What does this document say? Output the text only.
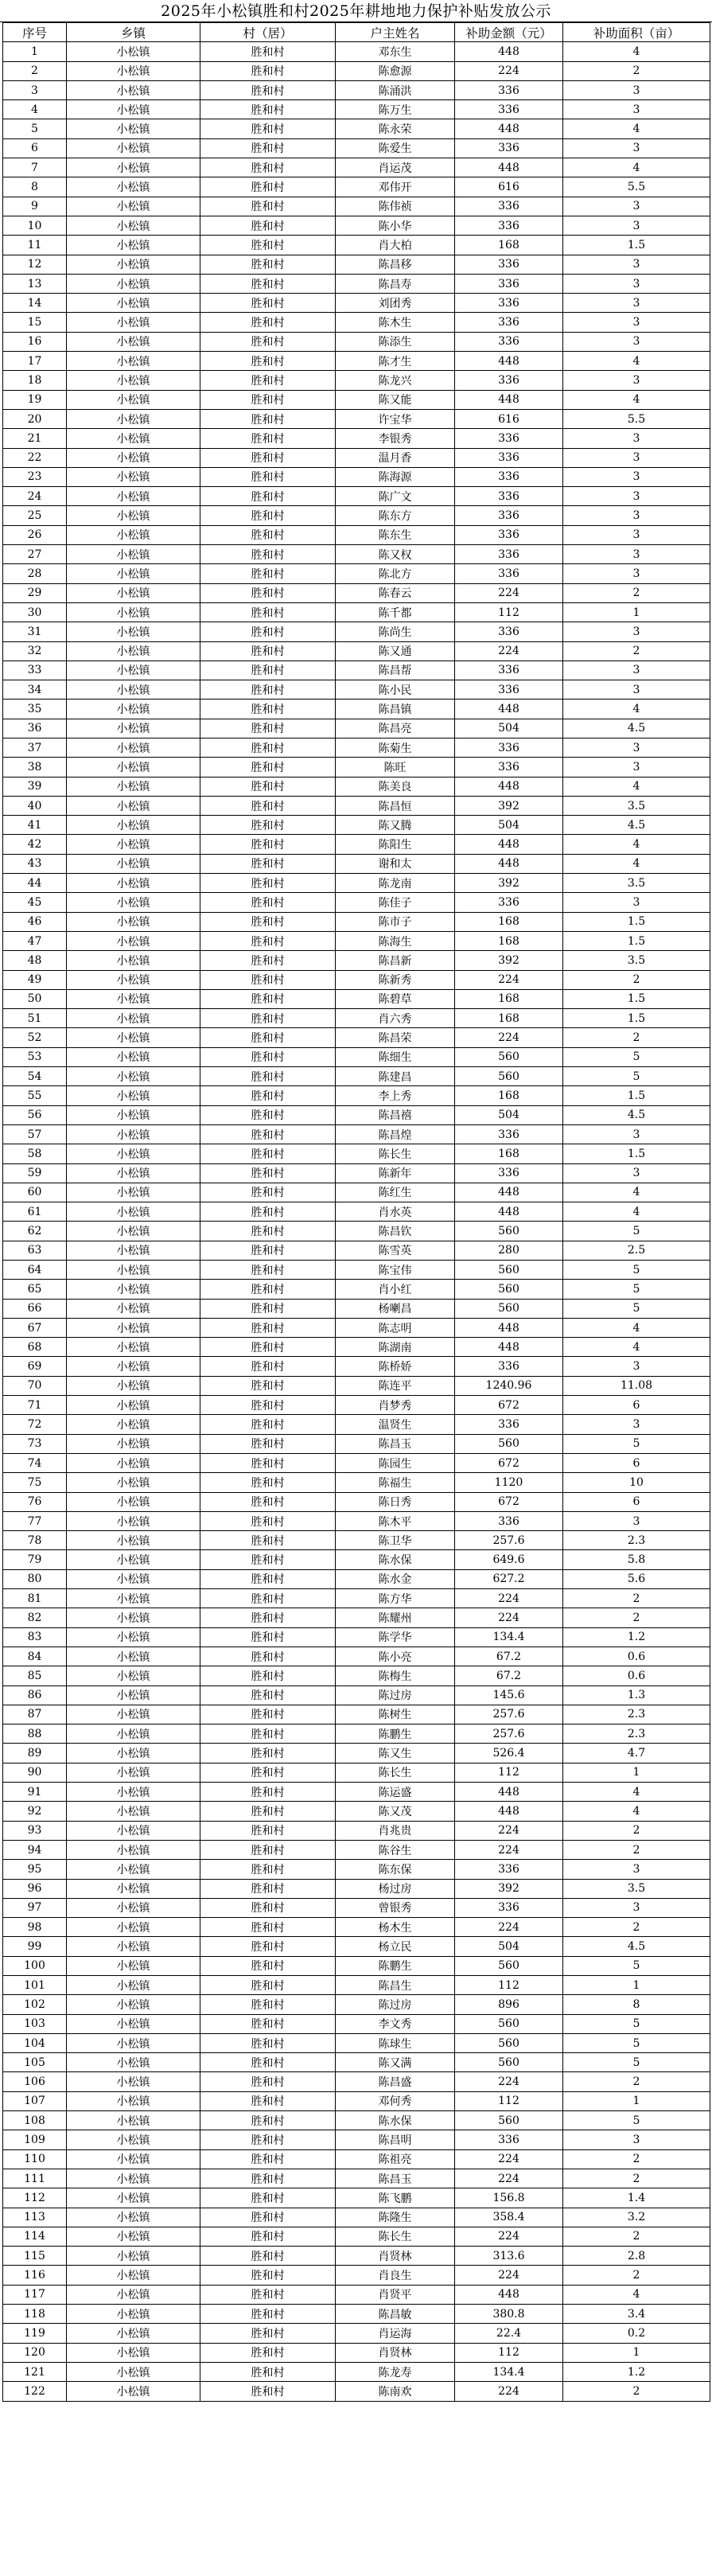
2025年小松镇胜和村2025年耕地地力保护补贴发放公示
序号	乡镇	村（居）	户主姓名	补助金额（元）	补助面积（亩）
1	小松镇	胜和村	邓东生	448	4
2	小松镇	胜和村	陈愈源	224	2
3	小松镇	胜和村	陈涌洪	336	3
4	小松镇	胜和村	陈万生	336	3
5	小松镇	胜和村	陈永荣	448	4
6	小松镇	胜和村	陈爱生	336	3
7	小松镇	胜和村	肖运茂	448	4
8	小松镇	胜和村	邓伟开	616	5.5
9	小松镇	胜和村	陈伟祯	336	3
10	小松镇	胜和村	陈小华	336	3
11	小松镇	胜和村	肖大柏	168	1.5
12	小松镇	胜和村	陈昌移	336	3
13	小松镇	胜和村	陈昌寿	336	3
14	小松镇	胜和村	刘团秀	336	3
15	小松镇	胜和村	陈木生	336	3
16	小松镇	胜和村	陈添生	336	3
17	小松镇	胜和村	陈才生	448	4
18	小松镇	胜和村	陈龙兴	336	3
19	小松镇	胜和村	陈又能	448	4
20	小松镇	胜和村	许宝华	616	5.5
21	小松镇	胜和村	李银秀	336	3
22	小松镇	胜和村	温月香	336	3
23	小松镇	胜和村	陈海源	336	3
24	小松镇	胜和村	陈广文	336	3
25	小松镇	胜和村	陈东方	336	3
26	小松镇	胜和村	陈东生	336	3
27	小松镇	胜和村	陈又权	336	3
28	小松镇	胜和村	陈北方	336	3
29	小松镇	胜和村	陈春云	224	2
30	小松镇	胜和村	陈千都	112	1
31	小松镇	胜和村	陈尚生	336	3
32	小松镇	胜和村	陈又通	224	2
33	小松镇	胜和村	陈昌帮	336	3
34	小松镇	胜和村	陈小民	336	3
35	小松镇	胜和村	陈昌镇	448	4
36	小松镇	胜和村	陈昌亮	504	4.5
37	小松镇	胜和村	陈菊生	336	3
38	小松镇	胜和村	陈旺	336	3
39	小松镇	胜和村	陈美良	448	4
40	小松镇	胜和村	陈昌恒	392	3.5
41	小松镇	胜和村	陈又腾	504	4.5
42	小松镇	胜和村	陈阳生	448	4
43	小松镇	胜和村	谢和太	448	4
44	小松镇	胜和村	陈龙南	392	3.5
45	小松镇	胜和村	陈佳子	336	3
46	小松镇	胜和村	陈市子	168	1.5
47	小松镇	胜和村	陈海生	168	1.5
48	小松镇	胜和村	陈昌新	392	3.5
49	小松镇	胜和村	陈新秀	224	2
50	小松镇	胜和村	陈碧草	168	1.5
51	小松镇	胜和村	肖六秀	168	1.5
52	小松镇	胜和村	陈昌荣	224	2
53	小松镇	胜和村	陈细生	560	5
54	小松镇	胜和村	陈建昌	560	5
55	小松镇	胜和村	李上秀	168	1.5
56	小松镇	胜和村	陈昌禧	504	4.5
57	小松镇	胜和村	陈昌煌	336	3
58	小松镇	胜和村	陈长生	168	1.5
59	小松镇	胜和村	陈新年	336	3
60	小松镇	胜和村	陈红生	448	4
61	小松镇	胜和村	肖水英	448	4
62	小松镇	胜和村	陈昌钦	560	5
63	小松镇	胜和村	陈雪英	280	2.5
64	小松镇	胜和村	陈宝伟	560	5
65	小松镇	胜和村	肖小红	560	5
66	小松镇	胜和村	杨喇昌	560	5
67	小松镇	胜和村	陈志明	448	4
68	小松镇	胜和村	陈湖南	448	4
69	小松镇	胜和村	陈桥娇	336	3
70	小松镇	胜和村	陈连平	1240.96	11.08
71	小松镇	胜和村	肖梦秀	672	6
72	小松镇	胜和村	温贤生	336	3
73	小松镇	胜和村	陈昌玉	560	5
74	小松镇	胜和村	陈园生	672	6
75	小松镇	胜和村	陈福生	1120	10
76	小松镇	胜和村	陈日秀	672	6
77	小松镇	胜和村	陈木平	336	3
78	小松镇	胜和村	陈卫华	257.6	2.3
79	小松镇	胜和村	陈水保	649.6	5.8
80	小松镇	胜和村	陈水金	627.2	5.6
81	小松镇	胜和村	陈方华	224	2
82	小松镇	胜和村	陈耀州	224	2
83	小松镇	胜和村	陈学华	134.4	1.2
84	小松镇	胜和村	陈小亮	67.2	0.6
85	小松镇	胜和村	陈梅生	67.2	0.6
86	小松镇	胜和村	陈过房	145.6	1.3
87	小松镇	胜和村	陈树生	257.6	2.3
88	小松镇	胜和村	陈鹏生	257.6	2.3
89	小松镇	胜和村	陈又生	526.4	4.7
90	小松镇	胜和村	陈长生	112	1
91	小松镇	胜和村	陈运盛	448	4
92	小松镇	胜和村	陈又茂	448	4
93	小松镇	胜和村	肖兆贵	224	2
94	小松镇	胜和村	陈谷生	224	2
95	小松镇	胜和村	陈东保	336	3
96	小松镇	胜和村	杨过房	392	3.5
97	小松镇	胜和村	曾银秀	336	3
98	小松镇	胜和村	杨木生	224	2
99	小松镇	胜和村	杨立民	504	4.5
100	小松镇	胜和村	陈鹏生	560	5
101	小松镇	胜和村	陈昌生	112	1
102	小松镇	胜和村	陈过房	896	8
103	小松镇	胜和村	李文秀	560	5
104	小松镇	胜和村	陈球生	560	5
105	小松镇	胜和村	陈又满	560	5
106	小松镇	胜和村	陈昌盛	224	2
107	小松镇	胜和村	邓何秀	112	1
108	小松镇	胜和村	陈水保	560	5
109	小松镇	胜和村	陈昌明	336	3
110	小松镇	胜和村	陈祖亮	224	2
111	小松镇	胜和村	陈昌玉	224	2
112	小松镇	胜和村	陈飞鹏	156.8	1.4
113	小松镇	胜和村	陈隆生	358.4	3.2
114	小松镇	胜和村	陈长生	224	2
115	小松镇	胜和村	肖贤林	313.6	2.8
116	小松镇	胜和村	肖良生	224	2
117	小松镇	胜和村	肖贤平	448	4
118	小松镇	胜和村	陈昌敏	380.8	3.4
119	小松镇	胜和村	肖运海	22.4	0.2
120	小松镇	胜和村	肖贤林	112	1
121	小松镇	胜和村	陈龙寿	134.4	1.2
122	小松镇	胜和村	陈南欢	224	2
